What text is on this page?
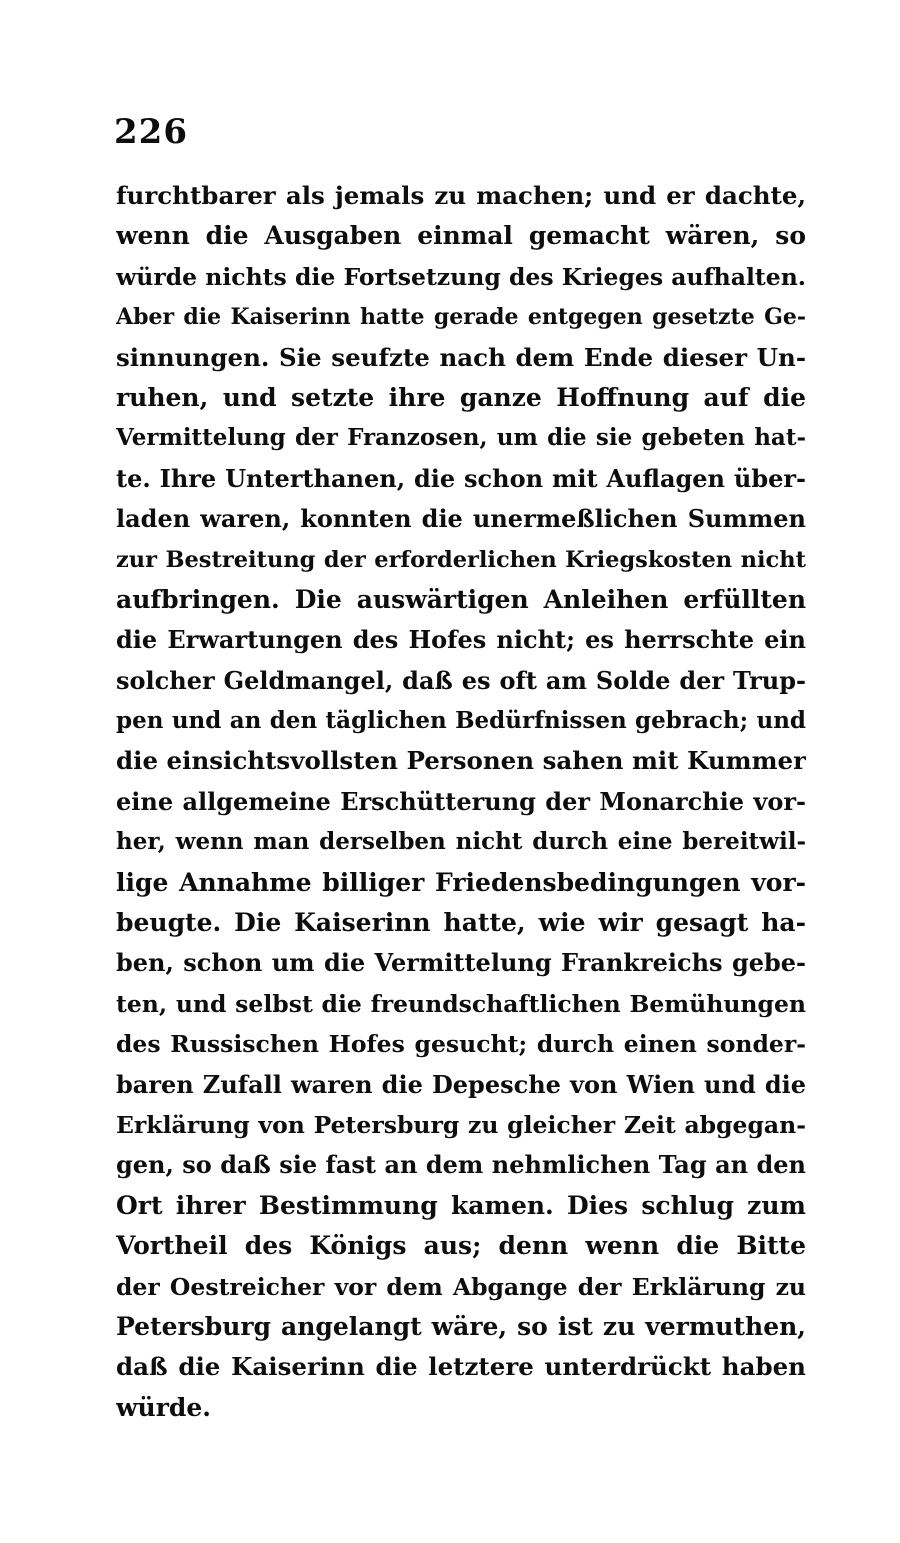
226
furchtbarer als jemals zu machen; und er dachte,
wenn die Ausgaben einmal gemacht wären, so
würde nichts die Fortsetzung des Krieges aufhalten.
Aber die Kaiserinn hatte gerade entgegen gesetzte Ge-
sinnungen. Sie seufzte nach dem Ende dieser Un-
ruhen, und setzte ihre ganze Hoffnung auf die
Vermittelung der Franzosen, um die sie gebeten hat-
te. Ihre Unterthanen, die schon mit Auflagen über-
laden waren, konnten die unermeßlichen Summen
zur Bestreitung der erforderlichen Kriegskosten nicht
aufbringen. Die auswärtigen Anleihen erfüllten
die Erwartungen des Hofes nicht; es herrschte ein
solcher Geldmangel, daß es oft am Solde der Trup-
pen und an den täglichen Bedürfnissen gebrach; und
die einsichtsvollsten Personen sahen mit Kummer
eine allgemeine Erschütterung der Monarchie vor-
her, wenn man derselben nicht durch eine bereitwil-
lige Annahme billiger Friedensbedingungen vor-
beugte. Die Kaiserinn hatte, wie wir gesagt ha-
ben, schon um die Vermittelung Frankreichs gebe-
ten, und selbst die freundschaftlichen Bemühungen
des Russischen Hofes gesucht; durch einen sonder-
baren Zufall waren die Depesche von Wien und die
Erklärung von Petersburg zu gleicher Zeit abgegan-
gen, so daß sie fast an dem nehmlichen Tag an den
Ort ihrer Bestimmung kamen. Dies schlug zum
Vortheil des Königs aus; denn wenn die Bitte
der Oestreicher vor dem Abgange der Erklärung zu
Petersburg angelangt wäre, so ist zu vermuthen,
daß die Kaiserinn die letztere unterdrückt haben
würde.
